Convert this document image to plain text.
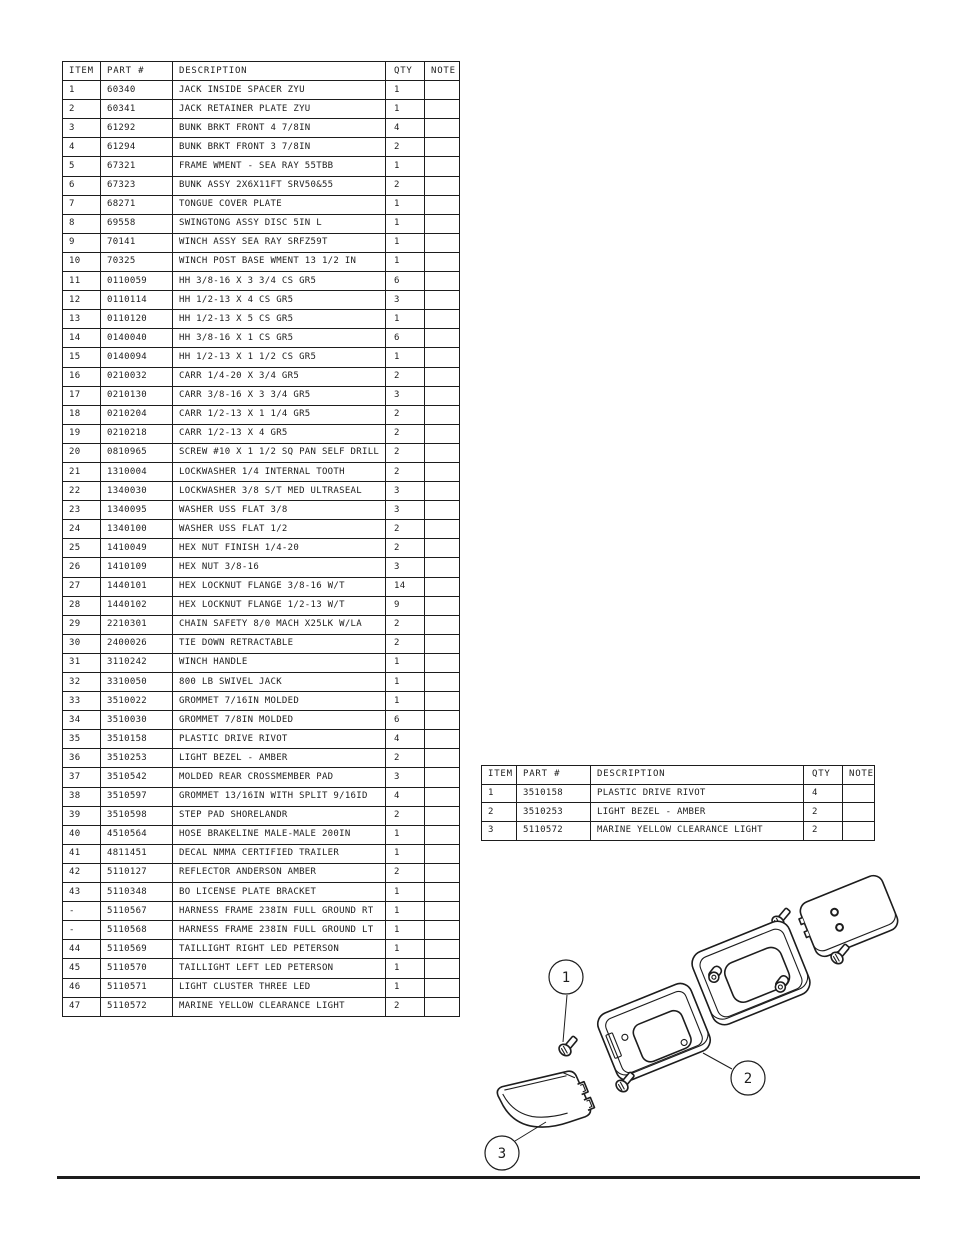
ITEM	PART #	DESCRIPTION	QTY	NOTE
1	60340	JACK INSIDE SPACER ZYU	1	
2	60341	JACK RETAINER PLATE ZYU	1	
3	61292	BUNK BRKT FRONT 4 7/8IN	4	
4	61294	BUNK BRKT FRONT 3 7/8IN	2	
5	67321	FRAME WMENT - SEA RAY 55TBB	1	
6	67323	BUNK ASSY 2X6X11FT SRV50&55	2	
7	68271	TONGUE COVER PLATE	1	
8	69558	SWINGTONG ASSY DISC 5IN L	1	
9	70141	WINCH ASSY SEA RAY SRFZ59T	1	
10	70325	WINCH POST BASE WMENT 13 1/2 IN	1	
11	0110059	HH 3/8-16 X 3 3/4 CS GR5	6	
12	0110114	HH 1/2-13 X 4 CS GR5	3	
13	0110120	HH 1/2-13 X 5 CS GR5	1	
14	0140040	HH 3/8-16 X 1 CS GR5	6	
15	0140094	HH 1/2-13 X 1 1/2 CS GR5	1	
16	0210032	CARR 1/4-20 X 3/4 GR5	2	
17	0210130	CARR 3/8-16 X 3 3/4 GR5	3	
18	0210204	CARR 1/2-13 X 1 1/4 GR5	2	
19	0210218	CARR 1/2-13 X 4 GR5	2	
20	0810965	SCREW #10 X 1 1/2 SQ PAN SELF DRILL	2	
21	1310004	LOCKWASHER 1/4 INTERNAL TOOTH	2	
22	1340030	LOCKWASHER 3/8 S/T MED ULTRASEAL	3	
23	1340095	WASHER USS FLAT 3/8	3	
24	1340100	WASHER USS FLAT 1/2	2	
25	1410049	HEX NUT FINISH 1/4-20	2	
26	1410109	HEX NUT 3/8-16	3	
27	1440101	HEX LOCKNUT FLANGE 3/8-16 W/T	14	
28	1440102	HEX LOCKNUT FLANGE 1/2-13 W/T	9	
29	2210301	CHAIN SAFETY 8/0 MACH X25LK W/LA	2	
30	2400026	TIE DOWN RETRACTABLE	2	
31	3110242	WINCH HANDLE	1	
32	3310050	800 LB SWIVEL JACK	1	
33	3510022	GROMMET 7/16IN MOLDED	1	
34	3510030	GROMMET 7/8IN MOLDED	6	
35	3510158	PLASTIC DRIVE RIVOT	4	
36	3510253	LIGHT BEZEL - AMBER	2	
37	3510542	MOLDED REAR CROSSMEMBER PAD	3	
38	3510597	GROMMET 13/16IN WITH SPLIT 9/16ID	4	
39	3510598	STEP PAD SHORELANDR	2	
40	4510564	HOSE BRAKELINE MALE-MALE 200IN	1	
41	4811451	DECAL NMMA CERTIFIED TRAILER	1	
42	5110127	REFLECTOR ANDERSON AMBER	2	
43	5110348	BO LICENSE PLATE BRACKET	1	
-	5110567	HARNESS FRAME 238IN FULL GROUND RT	1	
-	5110568	HARNESS FRAME 238IN FULL GROUND LT	1	
44	5110569	TAILLIGHT RIGHT LED PETERSON	1	
45	5110570	TAILLIGHT LEFT LED PETERSON	1	
46	5110571	LIGHT CLUSTER THREE LED	1	
47	5110572	MARINE YELLOW CLEARANCE LIGHT	2	
ITEM	PART #	DESCRIPTION	QTY	NOTE
1	3510158	PLASTIC DRIVE RIVOT	4	
2	3510253	LIGHT BEZEL - AMBER	2	
3	5110572	MARINE YELLOW CLEARANCE LIGHT	2	
1
2
3
